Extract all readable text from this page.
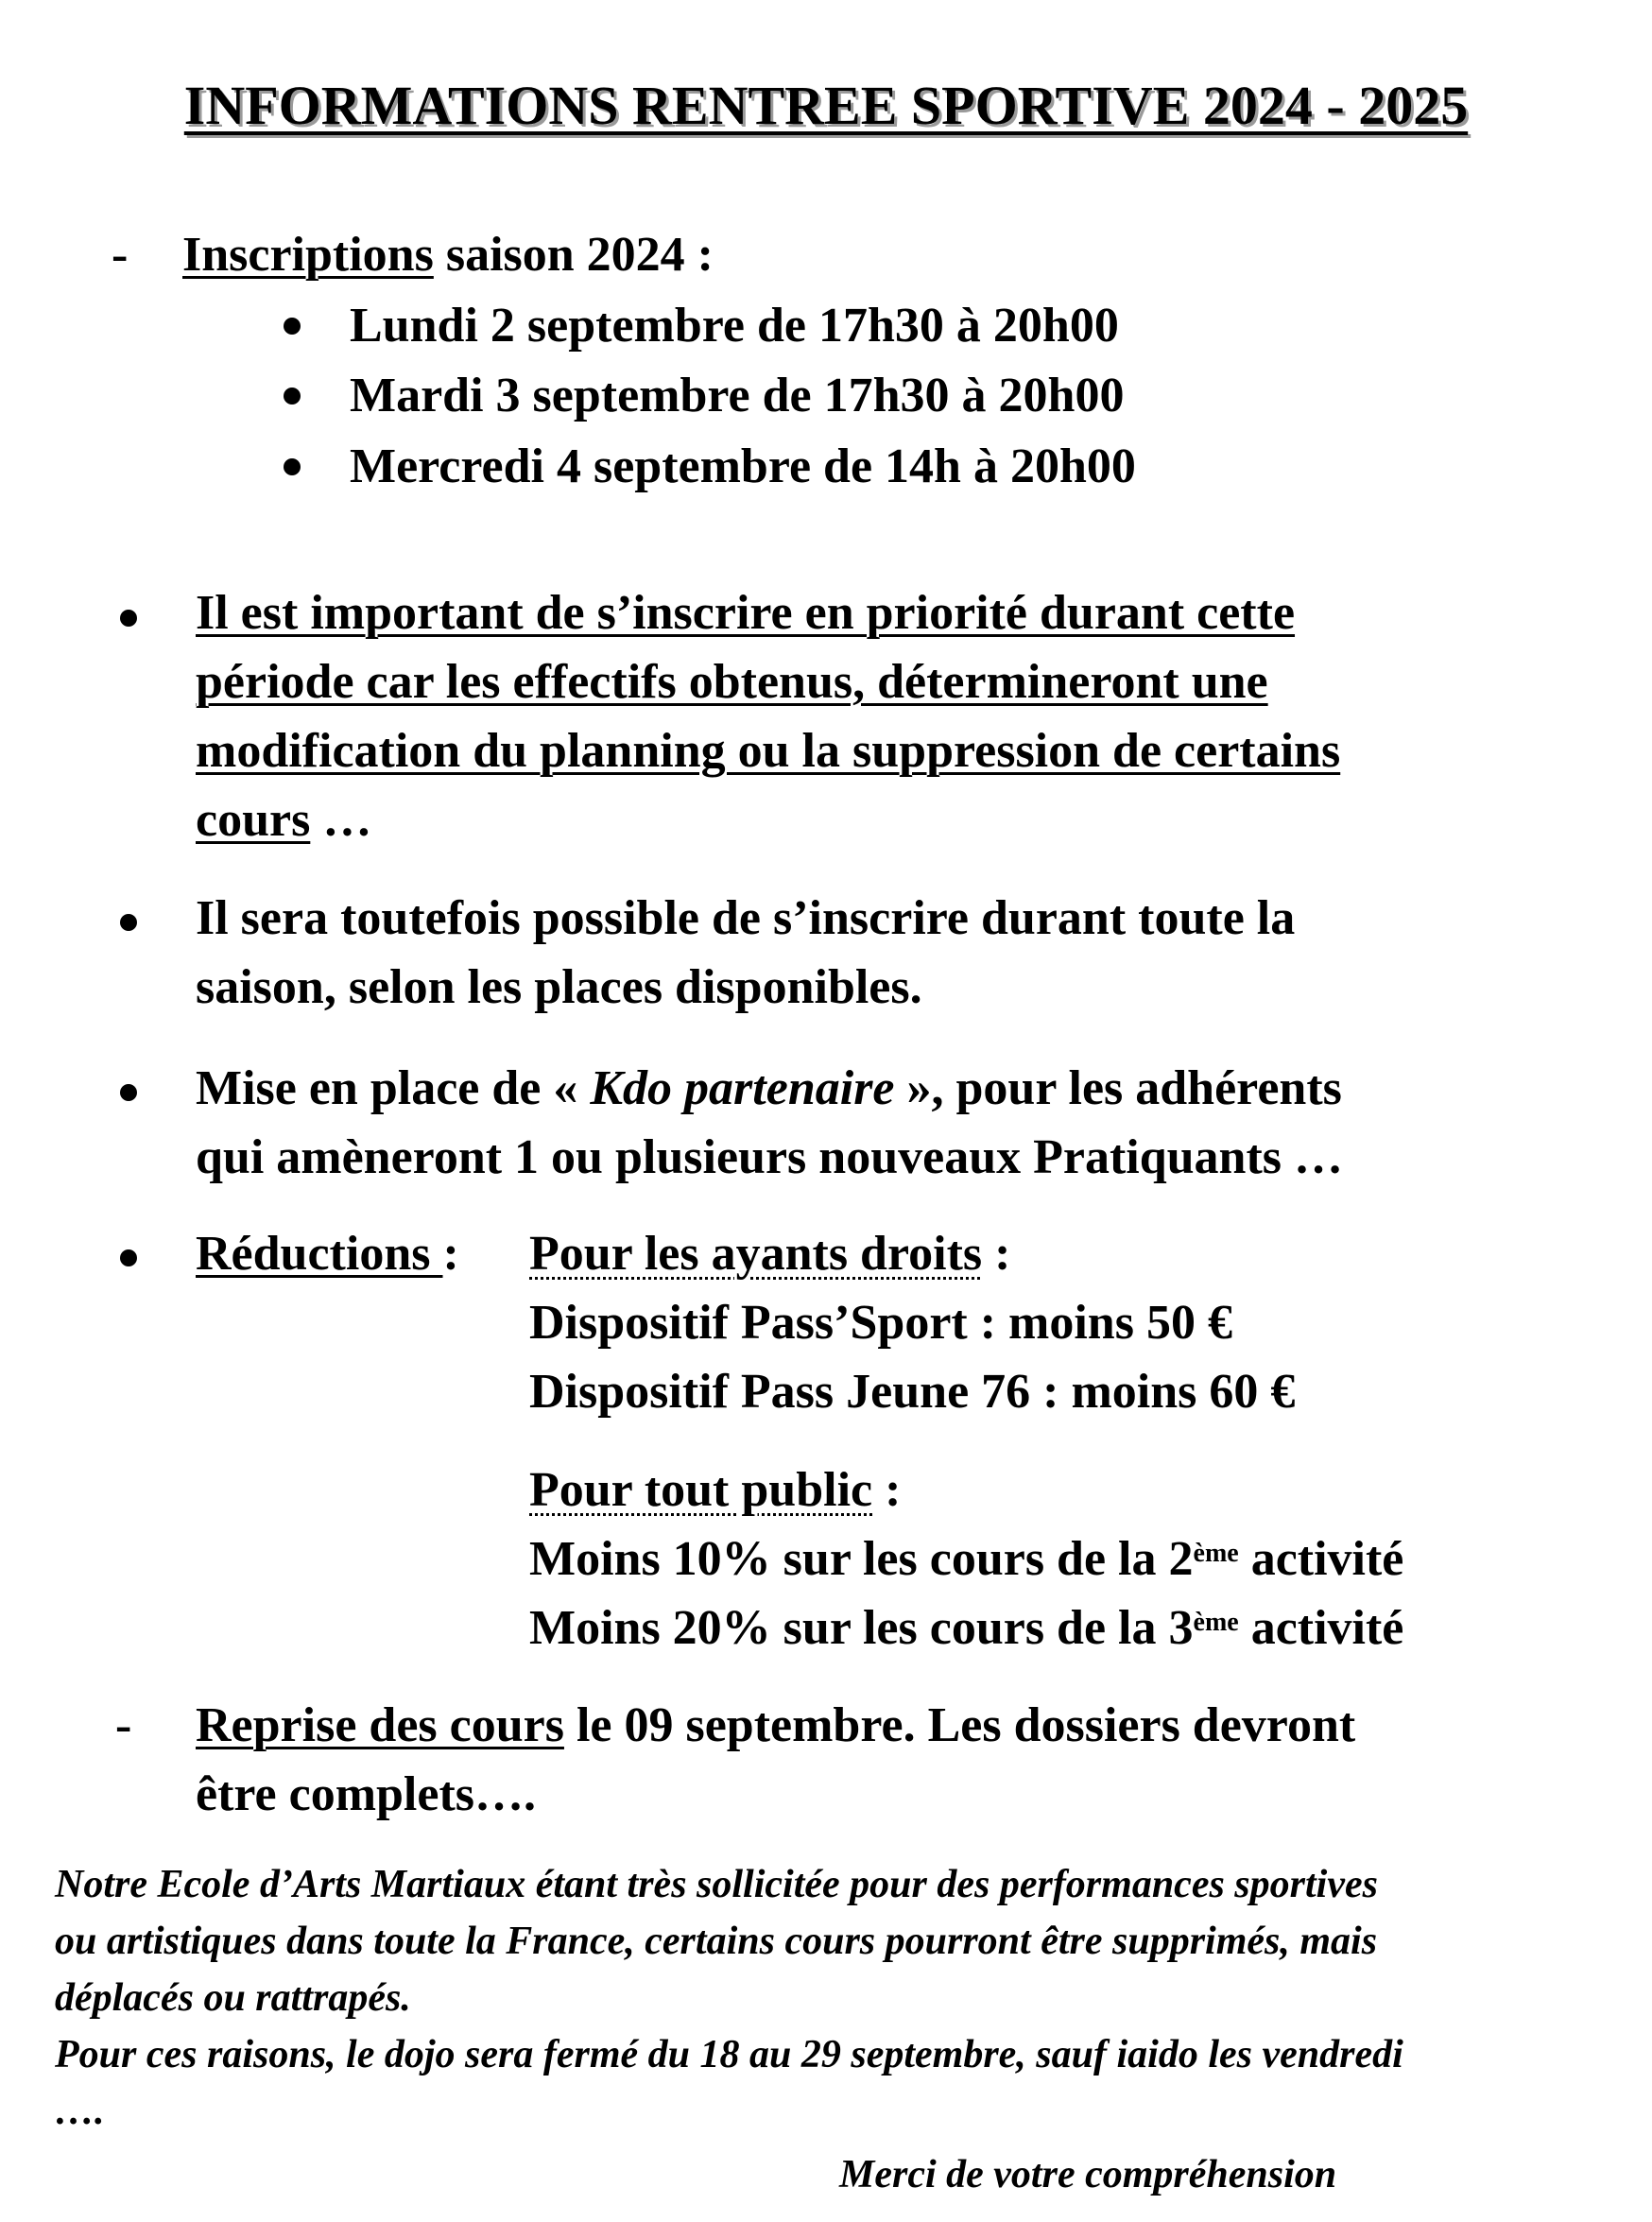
INFORMATIONS RENTREE SPORTIVE 2024 - 2025
- Inscriptions saison 2024 :
Lundi 2 septembre de 17h30 à 20h00
Mardi 3 septembre de 17h30 à 20h00
Mercredi 4 septembre de 14h à 20h00
Il est important de s’inscrire en priorité durant cette
période car les effectifs obtenus, détermineront une
modification du planning ou la suppression de certains
cours …
Il sera toutefois possible de s’inscrire durant toute la
saison, selon les places disponibles.
Mise en place de « Kdo partenaire », pour les adhérents
qui amèneront 1 ou plusieurs nouveaux Pratiquants …
Réductions : Pour les ayants droits :
Dispositif Pass’Sport : moins 50 €
Dispositif Pass Jeune 76 : moins 60 €
Pour tout public :
Moins 10% sur les cours de la 2ème activité
Moins 20% sur les cours de la 3ème activité
- Reprise des cours le 09 septembre. Les dossiers devront
être complets….
Notre Ecole d’Arts Martiaux étant très sollicitée pour des performances sportives
ou artistiques dans toute la France, certains cours pourront être supprimés, mais
déplacés ou rattrapés.
Pour ces raisons, le dojo sera fermé du 18 au 29 septembre, sauf iaido les vendredi
….
Merci de votre compréhension
